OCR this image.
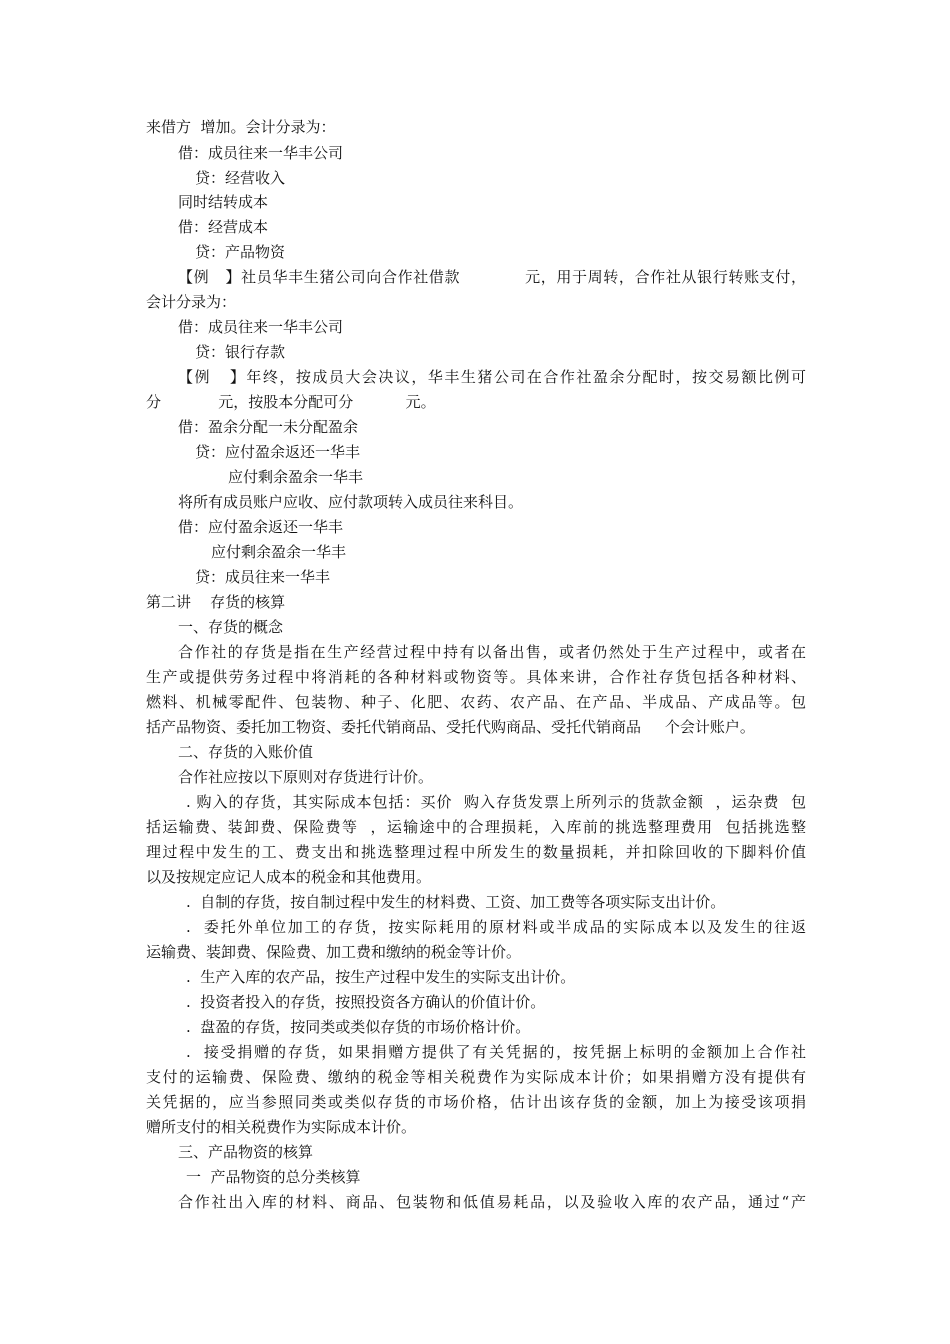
来借方  增加。会计分录为：
借：成员往来一华丰公司
贷：经营收入
同时结转成本
借：经营成本
贷：产品物资
【例   】社员华丰生猪公司向合作社借款            元，用于周转，合作社从银行转账支付，
会计分录为：
借：成员往来一华丰公司
贷：银行存款
【例   】年终，按成员大会决议，华丰生猪公司在合作社盈余分配时，按交易额比例可
分            元，按股本分配可分           元。
借：盈余分配一未分配盈余
贷：应付盈余返还一华丰
应付剩余盈余一华丰
将所有成员账户应收、应付款项转入成员往来科目。
借：应付盈余返还一华丰
应付剩余盈余一华丰
贷：成员往来一华丰
第二讲    存货的核算
一、存货的概念
合作社的存货是指在生产经营过程中持有以备出售，或者仍然处于生产过程中，或者在
生产或提供劳务过程中将消耗的各种材料或物资等。具体来讲，合作社存货包括各种材料、
燃料、机械零配件、包装物、种子、化肥、农药、农产品、在产品、半成品、产成品等。包
括产品物资、委托加工物资、委托代销商品、受托代购商品、受托代销商品     个会计账户。
二、存货的入账价值
合作社应按以下原则对存货进行计价。
. 购入的存货，其实际成本包括：买价  购入存货发票上所列示的货款金额  ，运杂费  包
括运输费、装卸费、保险费等  ，运输途中的合理损耗，入库前的挑选整理费用  包括挑选整
理过程中发生的工、费支出和挑选整理过程中所发生的数量损耗，并扣除回收的下脚料价值
以及按规定应记人成本的税金和其他费用。
.  自制的存货，按自制过程中发生的材料费、工资、加工费等各项实际支出计价。
.  委托外单位加工的存货，按实际耗用的原材料或半成品的实际成本以及发生的往返
运输费、装卸费、保险费、加工费和缴纳的税金等计价。
.  生产入库的农产品，按生产过程中发生的实际支出计价。
.  投资者投入的存货，按照投资各方确认的价值计价。
.  盘盈的存货，按同类或类似存货的市场价格计价。
.  接受捐赠的存货，如果捐赠方提供了有关凭据的，按凭据上标明的金额加上合作社
支付的运输费、保险费、缴纳的税金等相关税费作为实际成本计价；如果捐赠方没有提供有
关凭据的，应当参照同类或类似存货的市场价格，估计出该存货的金额，加上为接受该项捐
赠所支付的相关税费作为实际成本计价。
三、产品物资的核算
一  产品物资的总分类核算
合作社出入库的材料、商品、包装物和低值易耗品，以及验收入库的农产品，通过“产
